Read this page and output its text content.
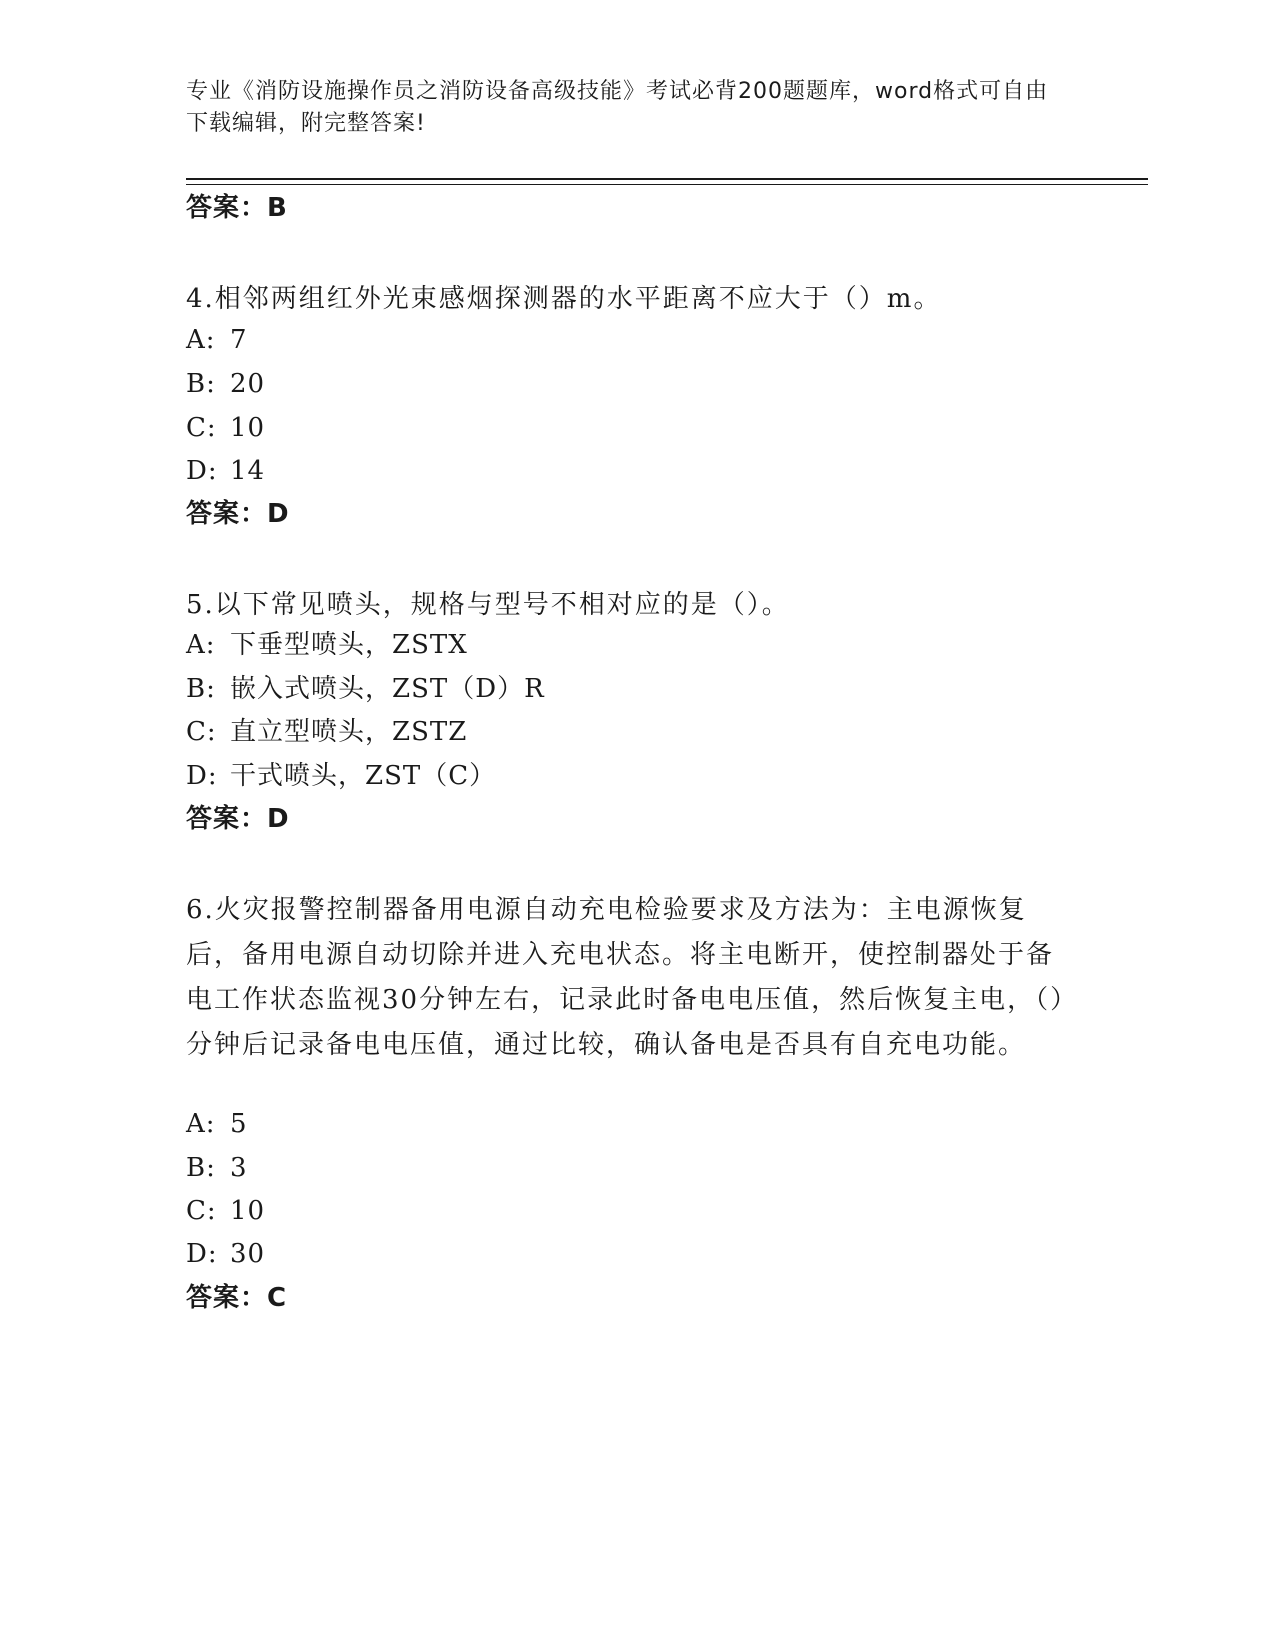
专业《消防设施操作员之消防设备高级技能》考试必背200题题库，word格式可自由下载编辑，附完整答案!
答案：B
4.相邻两组红外光束感烟探测器的水平距离不应大于（）m。
A: 7
B: 20
C: 10
D: 14
答案：D
5.以下常见喷头，规格与型号不相对应的是（）。
A: 下垂型喷头，ZSTX
B: 嵌入式喷头，ZST（D）R
C: 直立型喷头，ZSTZ
D: 干式喷头，ZST（C）
答案：D
6.火灾报警控制器备用电源自动充电检验要求及方法为：主电源恢复后，备用电源自动切除并进入充电状态。将主电断开，使控制器处于备电工作状态监视30分钟左右，记录此时备电电压值，然后恢复主电，（）分钟后记录备电电压值，通过比较，确认备电是否具有自充电功能。
A: 5
B: 3
C: 10
D: 30
答案：C
